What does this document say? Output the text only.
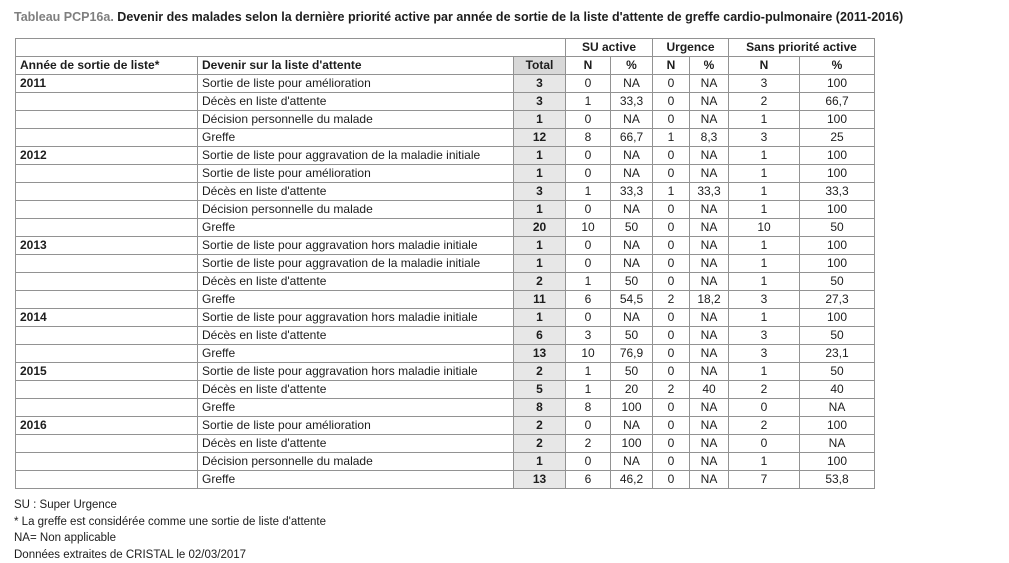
Tableau PCP16a. Devenir des malades selon la dernière priorité active par année de sortie de la liste d'attente de greffe cardio-pulmonaire (2011-2016)
			SU active		Urgence		Sans priorité active	
Année de sortie de liste*	Devenir sur la liste d'attente	Total	N	%	N	%	N	%
2011	Sortie de liste pour amélioration	3	0	NA	0	NA	3	100
	Décès en liste d'attente	3	1	33,3	0	NA	2	66,7
	Décision personnelle du malade	1	0	NA	0	NA	1	100
	Greffe	12	8	66,7	1	8,3	3	25
2012	Sortie de liste pour aggravation de la maladie initiale	1	0	NA	0	NA	1	100
	Sortie de liste pour amélioration	1	0	NA	0	NA	1	100
	Décès en liste d'attente	3	1	33,3	1	33,3	1	33,3
	Décision personnelle du malade	1	0	NA	0	NA	1	100
	Greffe	20	10	50	0	NA	10	50
2013	Sortie de liste pour aggravation hors maladie initiale	1	0	NA	0	NA	1	100
	Sortie de liste pour aggravation de la maladie initiale	1	0	NA	0	NA	1	100
	Décès en liste d'attente	2	1	50	0	NA	1	50
	Greffe	11	6	54,5	2	18,2	3	27,3
2014	Sortie de liste pour aggravation hors maladie initiale	1	0	NA	0	NA	1	100
	Décès en liste d'attente	6	3	50	0	NA	3	50
	Greffe	13	10	76,9	0	NA	3	23,1
2015	Sortie de liste pour aggravation hors maladie initiale	2	1	50	0	NA	1	50
	Décès en liste d'attente	5	1	20	2	40	2	40
	Greffe	8	8	100	0	NA	0	NA
2016	Sortie de liste pour amélioration	2	0	NA	0	NA	2	100
	Décès en liste d'attente	2	2	100	0	NA	0	NA
	Décision personnelle du malade	1	0	NA	0	NA	1	100
	Greffe	13	6	46,2	0	NA	7	53,8
SU : Super Urgence
* La greffe est considérée comme une sortie de liste d'attente
NA= Non applicable
Données extraites de CRISTAL le 02/03/2017
